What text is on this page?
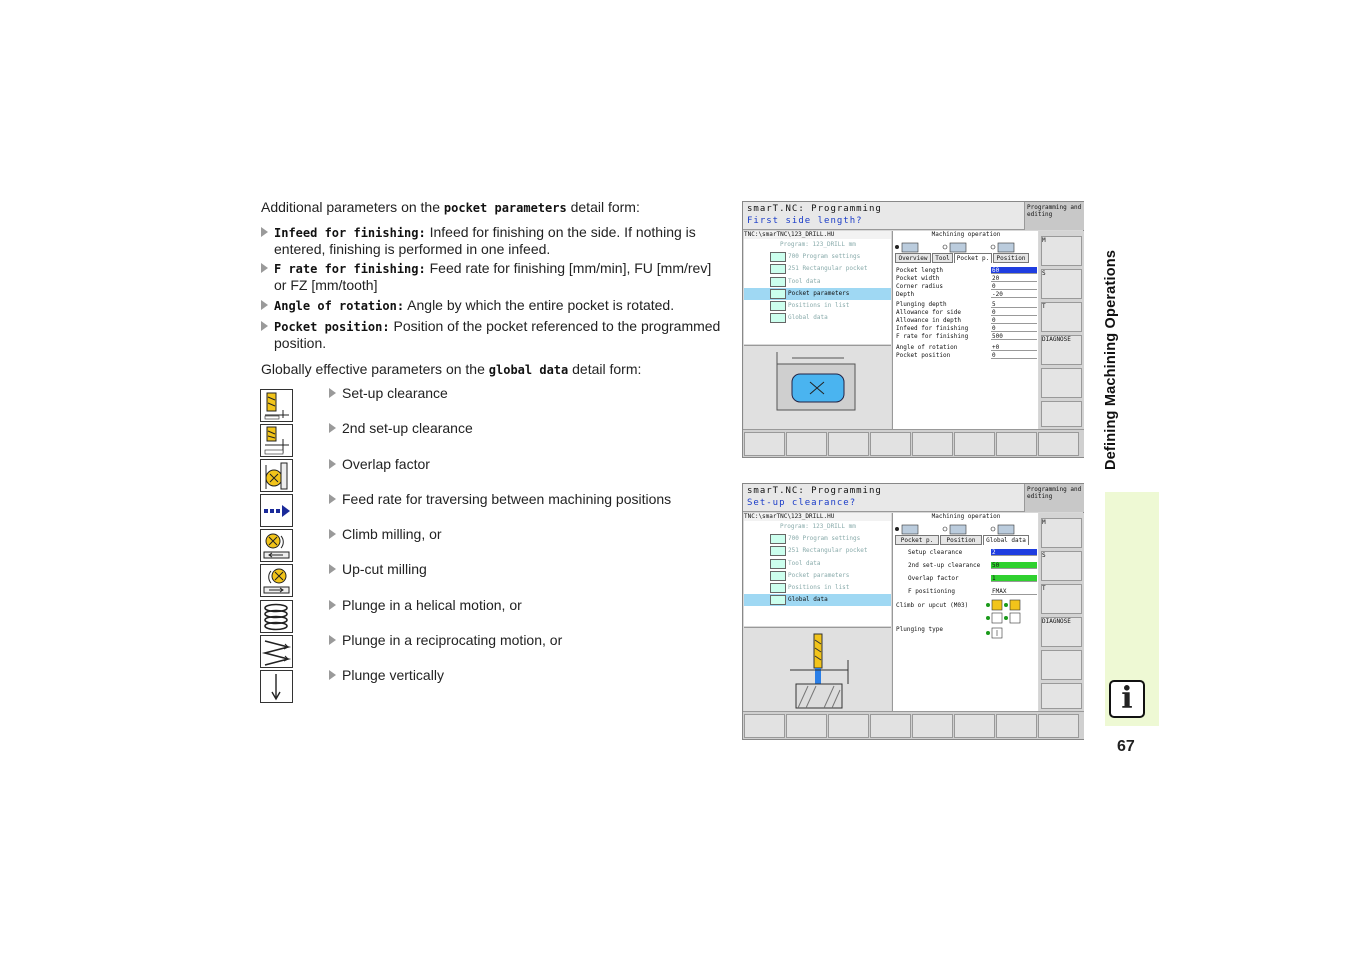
Additional parameters on the pocket parameters detail form:
Infeed for finishing: Infeed for finishing on the side. If nothing is entered, finishing is performed in one infeed.
F rate for finishing: Feed rate for finishing [mm/min], FU [mm/rev] or FZ [mm/tooth]
Angle of rotation: Angle by which the entire pocket is rotated.
Pocket position: Position of the pocket referenced to the programmed position.
Globally effective parameters on the global data detail form:
Set-up clearance
2nd set-up clearance
Overlap factor
Feed rate for traversing between machining positions
Climb milling, or
Up-cut milling
Plunge in a helical motion, or
Plunge in a reciprocating motion, or
Plunge vertically
smarT.NC: Programming
First side length?
Programming and editing
TNC:\smarTNC\123_DRILL.HU
Program: 123_DRILL mm
700 Program settings
251 Rectangular pocket
Tool data
Pocket parameters
Positions in list
Global data
Machining operation
Overview	Tool	Pocket p.	Position
Pocket length	60
Pocket width	20
Corner radius	0
Depth	-20
Plunging depth	5
Allowance for side	0
Allowance in depth	0
Infeed for finishing	0
F rate for finishing	500
Angle of rotation	+0
Pocket position	0
M
S
T
DIAGNOSE
smarT.NC: Programming
Set-up clearance?
Programming and editing
TNC:\smarTNC\123_DRILL.HU
Program: 123_DRILL mm
700 Program settings
251 Rectangular pocket
Tool data
Pocket parameters
Positions in list
Global data
Machining operation
Pocket p.	Position	Global data
Setup clearance	2
2nd set-up clearance 50
Overlap factor	1
F positioning	FMAX
Climb or upcut (M03)
Plunging type
M
S
T
DIAGNOSE
Defining Machining Operations
i
67
